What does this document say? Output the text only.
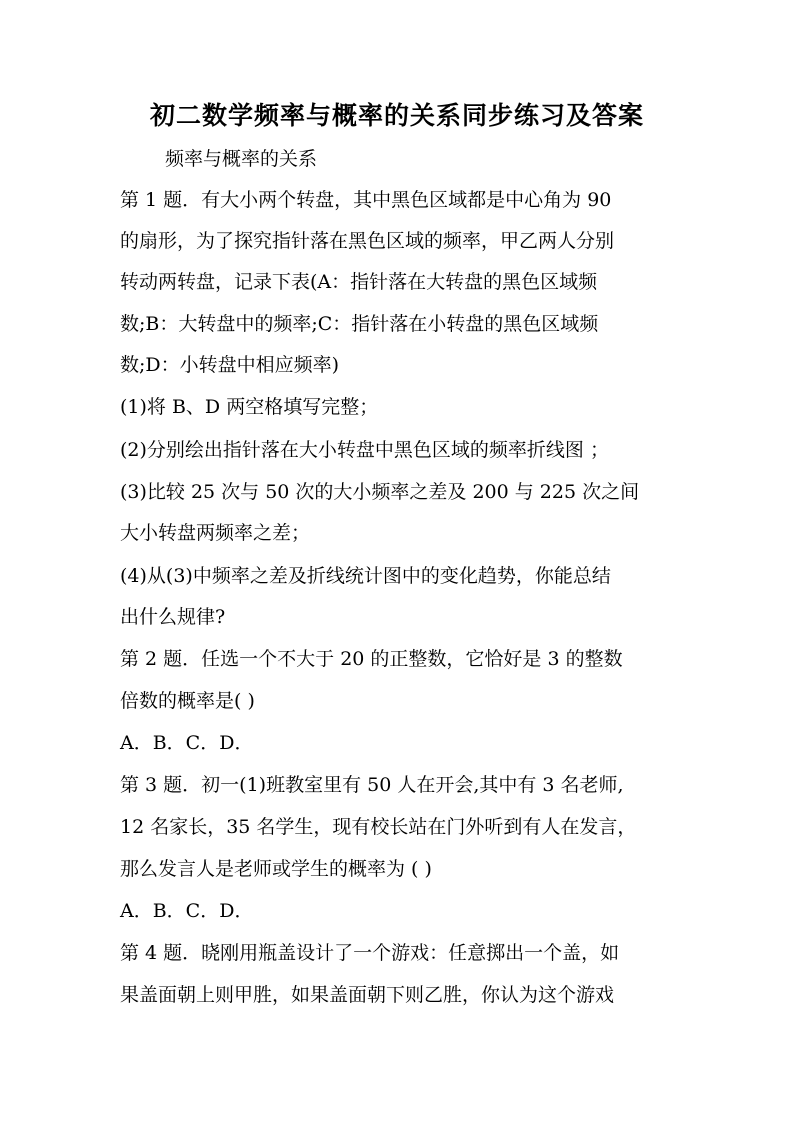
初二数学频率与概率的关系同步练习及答案
频率与概率的关系
第 1 题．有大小两个转盘，其中黑色区域都是中心角为 90
的扇形，为了探究指针落在黑色区域的频率，甲乙两人分别
转动两转盘，记录下表(A：指针落在大转盘的黑色区域频
数;B：大转盘中的频率;C：指针落在小转盘的黑色区域频
数;D：小转盘中相应频率)
(1)将 B、D 两空格填写完整；
(2)分别绘出指针落在大小转盘中黑色区域的频率折线图 ；
(3)比较 25 次与 50 次的大小频率之差及 200 与 225 次之间
大小转盘两频率之差；
(4)从(3)中频率之差及折线统计图中的变化趋势，你能总结
出什么规律?
第 2 题．任选一个不大于 20 的正整数，它恰好是 3 的整数
倍数的概率是( )
A．B．C．D．
第 3 题．初一(1)班教室里有 50 人在开会,其中有 3 名老师,
12 名家长，35 名学生，现有校长站在门外听到有人在发言，
那么发言人是老师或学生的概率为 ( )
A．B．C．D．
第 4 题．晓刚用瓶盖设计了一个游戏：任意掷出一个盖，如
果盖面朝上则甲胜，如果盖面朝下则乙胜，你认为这个游戏
